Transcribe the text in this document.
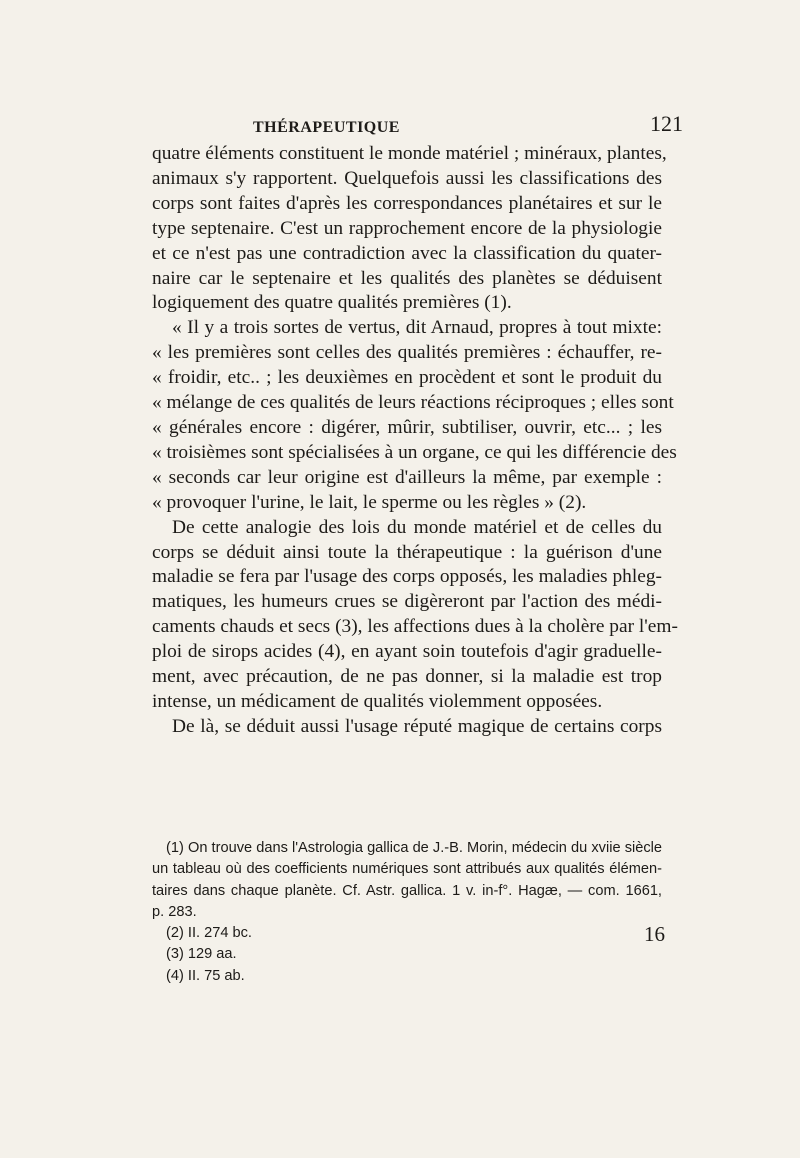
THÉRAPEUTIQUE	121
quatre éléments constituent le monde matériel ; minéraux, plantes,
animaux s'y rapportent. Quelquefois aussi les classifications des
corps sont faites d'après les correspondances planétaires et sur le
type septenaire. C'est un rapprochement encore de la physiologie
et ce n'est pas une contradiction avec la classification du quater-
naire car le septenaire et les qualités des planètes se déduisent
logiquement des quatre qualités premières (1).
« Il y a trois sortes de vertus, dit Arnaud, propres à tout mixte:
« les premières sont celles des qualités premières : échauffer, re-
« froidir, etc.. ; les deuxièmes en procèdent et sont le produit du
« mélange de ces qualités de leurs réactions réciproques ; elles sont
« générales encore : digérer, mûrir, subtiliser, ouvrir, etc... ; les
« troisièmes sont spécialisées à un organe, ce qui les différencie des
« seconds car leur origine est d'ailleurs la même, par exemple :
« provoquer l'urine, le lait, le sperme ou les règles » (2).
De cette analogie des lois du monde matériel et de celles du
corps se déduit ainsi toute la thérapeutique : la guérison d'une
maladie se fera par l'usage des corps opposés, les maladies phleg-
matiques, les humeurs crues se digèreront par l'action des médi-
caments chauds et secs (3), les affections dues à la cholère par l'em-
ploi de sirops acides (4), en ayant soin toutefois d'agir graduelle-
ment, avec précaution, de ne pas donner, si la maladie est trop
intense, un médicament de qualités violemment opposées.
De là, se déduit aussi l'usage réputé magique de certains corps
(1) On trouve dans l'Astrologia gallica de J.-B. Morin, médecin du xviie siècle
un tableau où des coefficients numériques sont attribués aux qualités élémen-
taires dans chaque planète. Cf. Astr. gallica. 1 v. in-f°. Hagæ, — com. 1661,
p. 283.
(2) II. 274 bc.
(3) 129 aa.
(4) II. 75 ab.
16
